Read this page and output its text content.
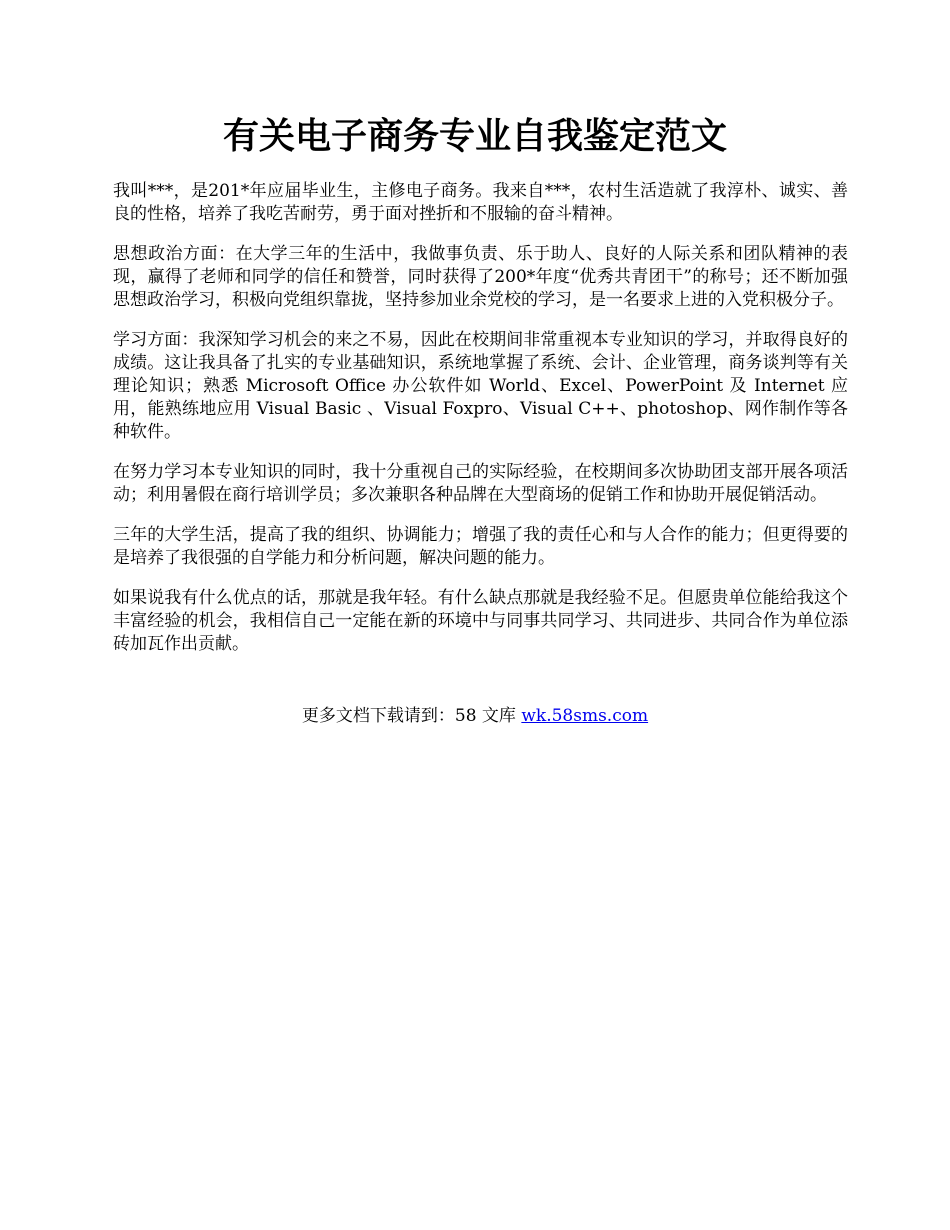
有关电子商务专业自我鉴定范文

我叫***，是201*年应届毕业生，主修电子商务。我来自***，农村生活造就了我淳朴、诚实、善良的性格，培养了我吃苦耐劳，勇于面对挫折和不服输的奋斗精神。

思想政治方面：在大学三年的生活中，我做事负责、乐于助人、良好的人际关系和团队精神的表现，赢得了老师和同学的信任和赞誉，同时获得了200*年度“优秀共青团干”的称号；还不断加强思想政治学习，积极向党组织靠拢，坚持参加业余党校的学习，是一名要求上进的入党积极分子。

学习方面：我深知学习机会的来之不易，因此在校期间非常重视本专业知识的学习，并取得良好的成绩。这让我具备了扎实的专业基础知识，系统地掌握了系统、会计、企业管理，商务谈判等有关理论知识；熟悉 Microsoft Office 办公软件如 World、Excel、PowerPoint 及 Internet 应用，能熟练地应用 Visual Basic 、Visual Foxpro、Visual C++、photoshop、网作制作等各种软件。

在努力学习本专业知识的同时，我十分重视自己的实际经验，在校期间多次协助团支部开展各项活动；利用暑假在商行培训学员；多次兼职各种品牌在大型商场的促销工作和协助开展促销活动。

三年的大学生活，提高了我的组织、协调能力；增强了我的责任心和与人合作的能力；但更得要的是培养了我很强的自学能力和分析问题，解决问题的能力。

如果说我有什么优点的话，那就是我年轻。有什么缺点那就是我经验不足。但愿贵单位能给我这个丰富经验的机会，我相信自己一定能在新的环境中与同事共同学习、共同进步、共同合作为单位添砖加瓦作出贡献。

更多文档下载请到：58 文库 wk.58sms.com
